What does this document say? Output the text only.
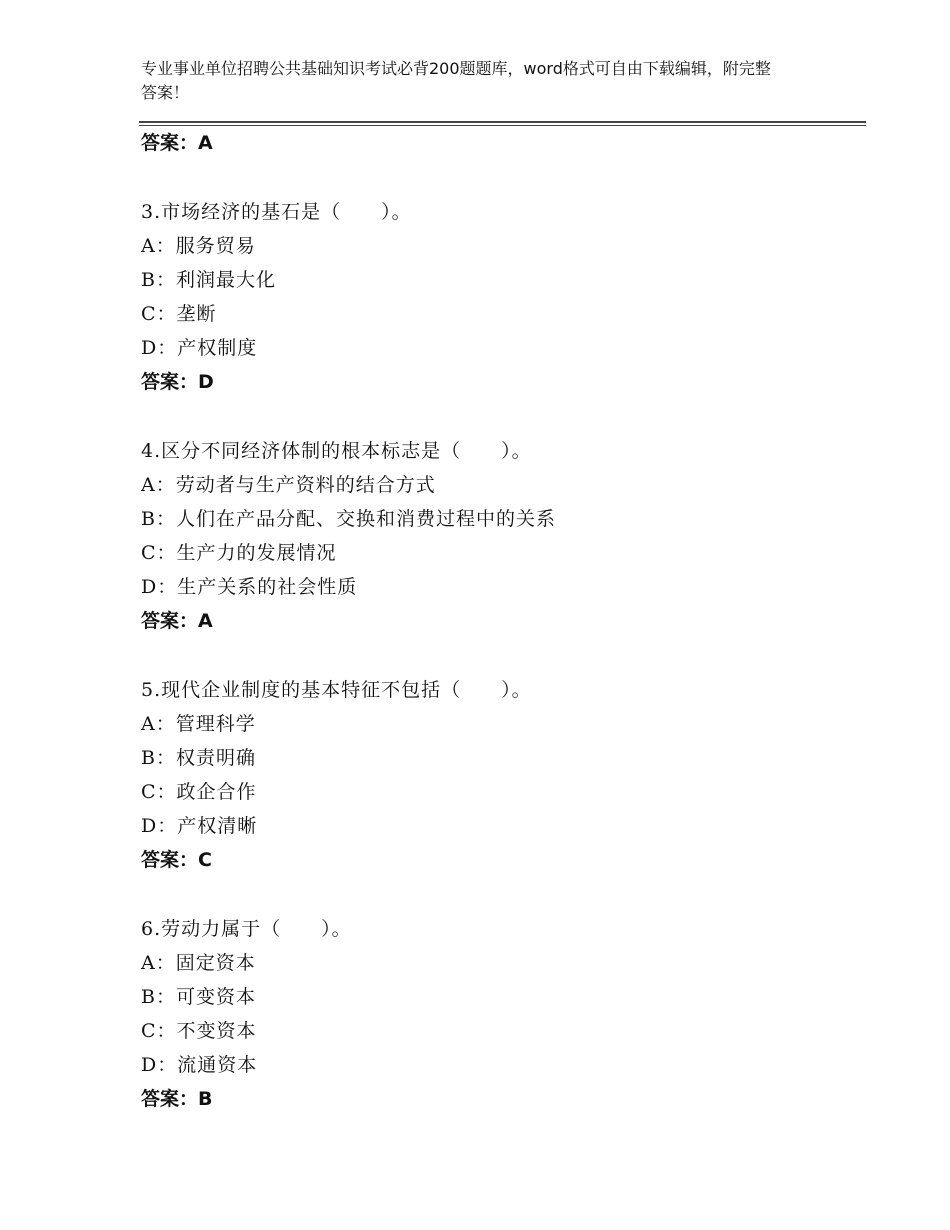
专业事业单位招聘公共基础知识考试必背200题题库，word格式可自由下载编辑，附完整答案！
答案：A
3.市场经济的基石是（　　）。
A：服务贸易
B：利润最大化
C：垄断
D：产权制度
答案：D
4.区分不同经济体制的根本标志是（　　）。
A：劳动者与生产资料的结合方式
B：人们在产品分配、交换和消费过程中的关系
C：生产力的发展情况
D：生产关系的社会性质
答案：A
5.现代企业制度的基本特征不包括（　　）。
A：管理科学
B：权责明确
C：政企合作
D：产权清晰
答案：C
6.劳动力属于（　　）。
A：固定资本
B：可变资本
C：不变资本
D：流通资本
答案：B
